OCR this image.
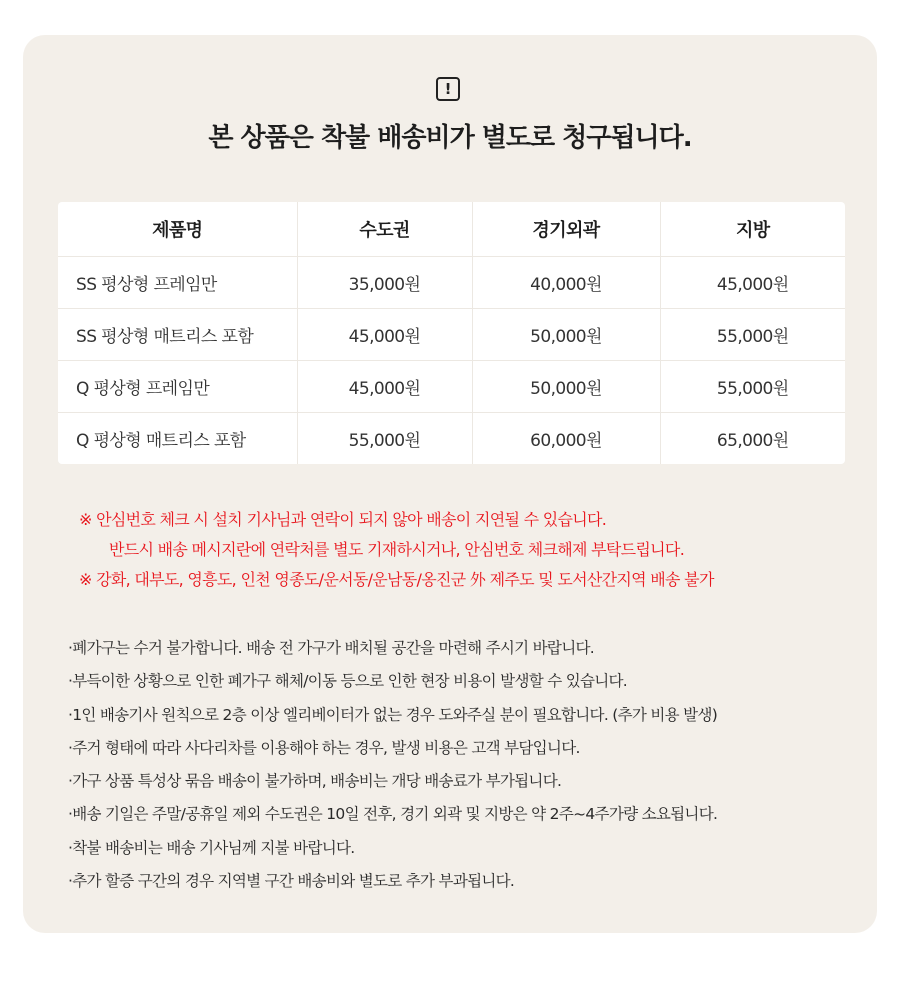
!
본 상품은 착불 배송비가 별도로 청구됩니다.
제품명	수도권	경기외곽	지방
SS 평상형 프레임만	35,000원	40,000원	45,000원
SS 평상형 매트리스 포함	45,000원	50,000원	55,000원
Q 평상형 프레임만	45,000원	50,000원	55,000원
Q 평상형 매트리스 포함	55,000원	60,000원	65,000원
※ 안심번호 체크 시 설치 기사님과 연락이 되지 않아 배송이 지연될 수 있습니다.
반드시 배송 메시지란에 연락처를 별도 기재하시거나, 안심번호 체크해제 부탁드립니다.
※ 강화, 대부도, 영흥도, 인천 영종도/운서동/운남동/옹진군 外 제주도 및 도서산간지역 배송 불가
·폐가구는 수거 불가합니다. 배송 전 가구가 배치될 공간을 마련해 주시기 바랍니다.
·부득이한 상황으로 인한 폐가구 해체/이동 등으로 인한 현장 비용이 발생할 수 있습니다.
·1인 배송기사 원칙으로 2층 이상 엘리베이터가 없는 경우 도와주실 분이 필요합니다. (추가 비용 발생)
·주거 형태에 따라 사다리차를 이용해야 하는 경우, 발생 비용은 고객 부담입니다.
·가구 상품 특성상 묶음 배송이 불가하며, 배송비는 개당 배송료가 부가됩니다.
·배송 기일은 주말/공휴일 제외 수도권은 10일 전후, 경기 외곽 및 지방은 약 2주~4주가량 소요됩니다.
·착불 배송비는 배송 기사님께 지불 바랍니다.
·추가 할증 구간의 경우 지역별 구간 배송비와 별도로 추가 부과됩니다.
